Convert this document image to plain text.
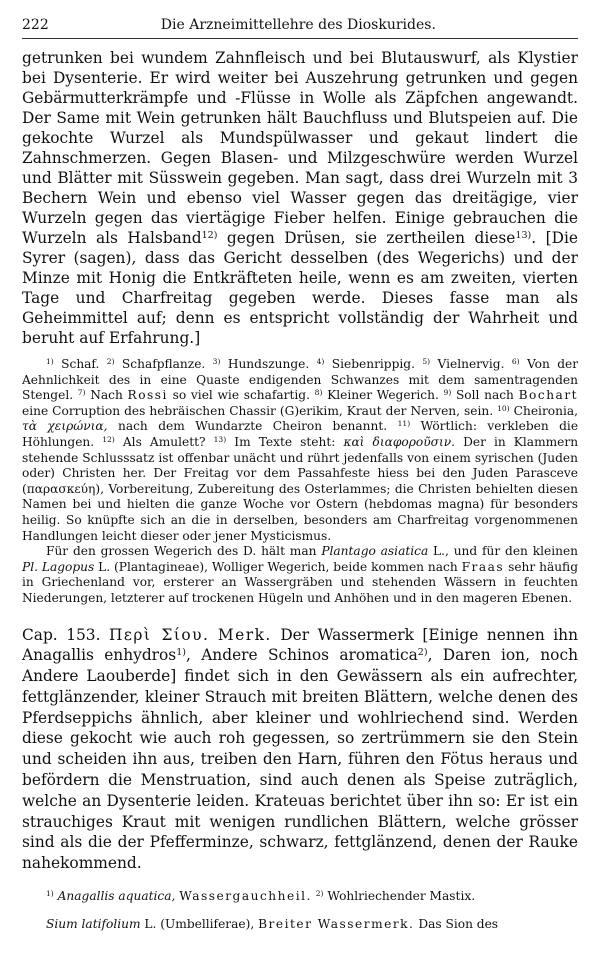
222	Die Arzneimittellehre des Dioskurides.

getrunken bei wundem Zahnfleisch und bei Blutauswurf, als Klystier bei Dysenterie. Er wird weiter bei Auszehrung getrunken und gegen Gebärmutterkrämpfe und -Flüsse in Wolle als Zäpfchen angewandt. Der Same mit Wein getrunken hält Bauchfluss und Blutspeien auf. Die gekochte Wurzel als Mundspülwasser und gekaut lindert die Zahnschmerzen. Gegen Blasen- und Milzgeschwüre werden Wurzel und Blätter mit Süsswein gegeben. Man sagt, dass drei Wurzeln mit 3 Bechern Wein und ebenso viel Wasser gegen das dreitägige, vier Wurzeln gegen das viertägige Fieber helfen. Einige gebrauchen die Wurzeln als Halsband$^{12)}$ gegen Drüsen, sie zertheilen diese$^{13)}$. [Die Syrer (sagen), dass das Gericht desselben (des Wegerichs) und der Minze mit Honig die Entkräfteten heile, wenn es am zweiten, vierten Tage und Charfreitag gegeben werde. Dieses fasse man als Geheimmittel auf; denn es entspricht vollständig der Wahrheit und beruht auf Erfahrung.]

$^{1)}$ Schaf. $^{2)}$ Schafpflanze. $^{3)}$ Hundszunge. $^{4)}$ Siebenrippig. $^{5)}$ Vielnervig. $^{6)}$ Von der Aehnlichkeit des in eine Quaste endigenden Schwanzes mit dem samentragenden Stengel. $^{7)}$ Nach Rossi so viel wie schafartig. $^{8)}$ Kleiner Wegerich. $^{9)}$ Soll nach Bochart eine Corruption des hebräischen Chassir (G)erikim, Kraut der Nerven, sein. $^{10)}$ Cheironia, τὰ χειρώνια, nach dem Wundarzte Cheiron benannt. $^{11)}$ Wörtlich: verkleben die Höhlungen. $^{12)}$ Als Amulett? $^{13)}$ Im Texte steht: καὶ διαφοροῦσιν. Der in Klammern stehende Schlusssatz ist offenbar unächt und rührt jedenfalls von einem syrischen (Juden oder) Christen her. Der Freitag vor dem Passahfeste hiess bei den Juden Parasceve (παρασκεύη), Vorbereitung, Zubereitung des Osterlammes; die Christen behielten diesen Namen bei und hielten die ganze Woche vor Ostern (hebdomas magna) für besonders heilig. So knüpfte sich an die in derselben, besonders am Charfreitag vorgenommenen Handlungen leicht dieser oder jener Mysticismus.

Für den grossen Wegerich des D. hält man Plantago asiatica L., und für den kleinen Pl. Lagopus L. (Plantagineae), Wolliger Wegerich, beide kommen nach Fraas sehr häufig in Griechenland vor, ersterer an Wassergräben und stehenden Wässern in feuchten Niederungen, letzterer auf trockenen Hügeln und Anhöhen und in den mageren Ebenen.

Cap. 153. Περὶ Σίου. Merk. Der Wassermerk [Einige nennen ihn Anagallis enhydros$^{1)}$, Andere Schinos aromatica$^{2)}$, Daren ion, noch Andere Laouberde] findet sich in den Gewässern als ein aufrechter, fettglänzender, kleiner Strauch mit breiten Blättern, welche denen des Pferdseppichs ähnlich, aber kleiner und wohlriechend sind. Werden diese gekocht wie auch roh gegessen, so zertrümmern sie den Stein und scheiden ihn aus, treiben den Harn, führen den Fötus heraus und befördern die Menstruation, sind auch denen als Speise zuträglich, welche an Dysenterie leiden. Krateuas berichtet über ihn so: Er ist ein strauchiges Kraut mit wenigen rundlichen Blättern, welche grösser sind als die der Pfefferminze, schwarz, fettglänzend, denen der Rauke nahekommend.

$^{1)}$ Anagallis aquatica, Wassergauchheil. $^{2)}$ Wohlriechender Mastix.

Sium latifolium L. (Umbelliferae), Breiter Wassermerk. Das Sion des
